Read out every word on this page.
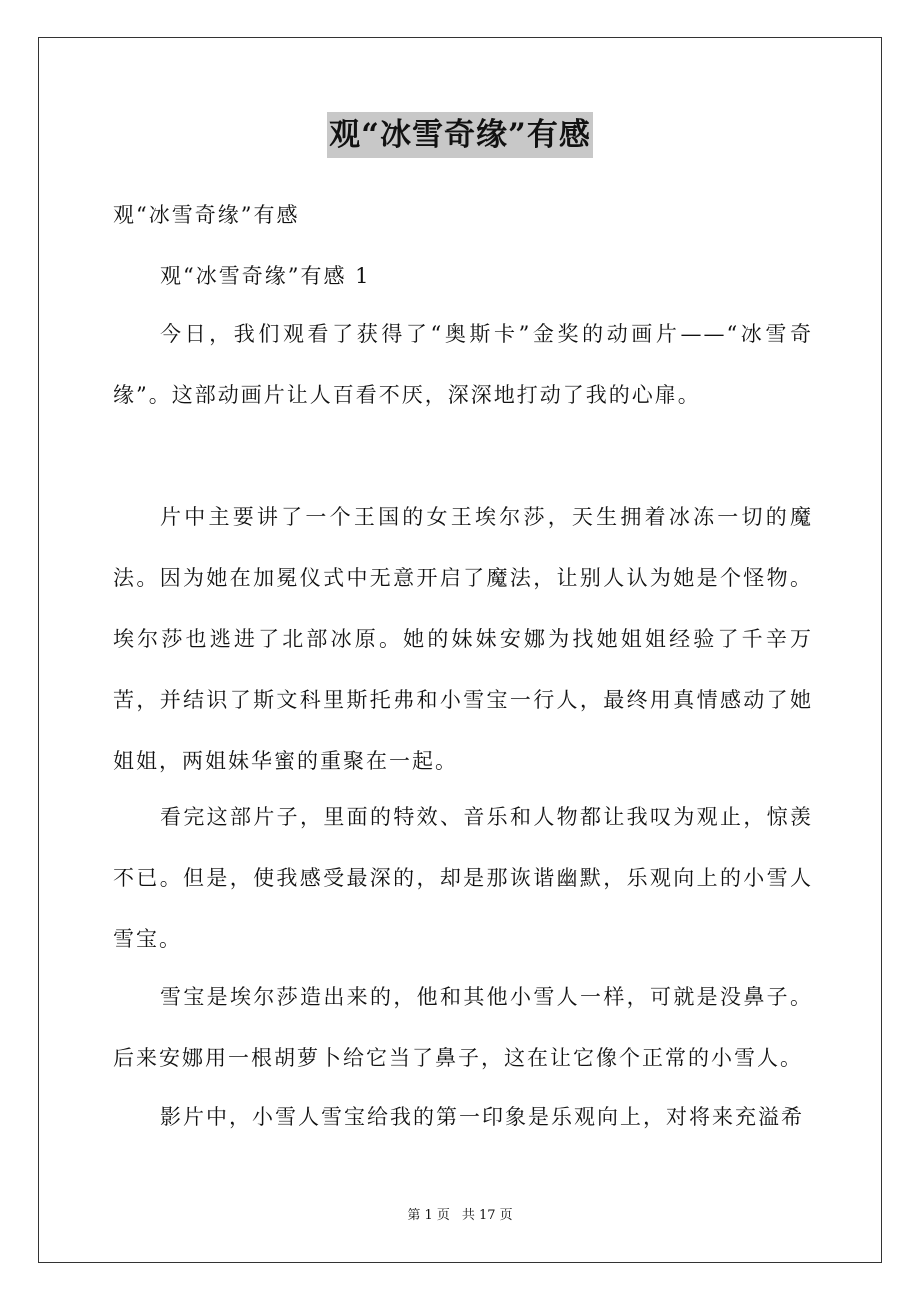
观“冰雪奇缘”有感
观“冰雪奇缘”有感
观“冰雪奇缘”有感 1

今日，我们观看了获得了“奥斯卡”金奖的动画片——“冰雪奇缘”。这部动画片让人百看不厌，深深地打动了我的心扉。

片中主要讲了一个王国的女王埃尔莎，天生拥着冰冻一切的魔法。因为她在加冕仪式中无意开启了魔法，让别人认为她是个怪物。埃尔莎也逃进了北部冰原。她的妹妹安娜为找她姐姐经验了千辛万苦，并结识了斯文科里斯托弗和小雪宝一行人，最终用真情感动了她姐姐，两姐妹华蜜的重聚在一起。

看完这部片子，里面的特效、音乐和人物都让我叹为观止，惊羡不已。但是，使我感受最深的，却是那诙谐幽默，乐观向上的小雪人雪宝。

雪宝是埃尔莎造出来的，他和其他小雪人一样，可就是没鼻子。后来安娜用一根胡萝卜给它当了鼻子，这在让它像个正常的小雪人。

影片中，小雪人雪宝给我的第一印象是乐观向上，对将来充溢希

第 1 页 共 17 页
